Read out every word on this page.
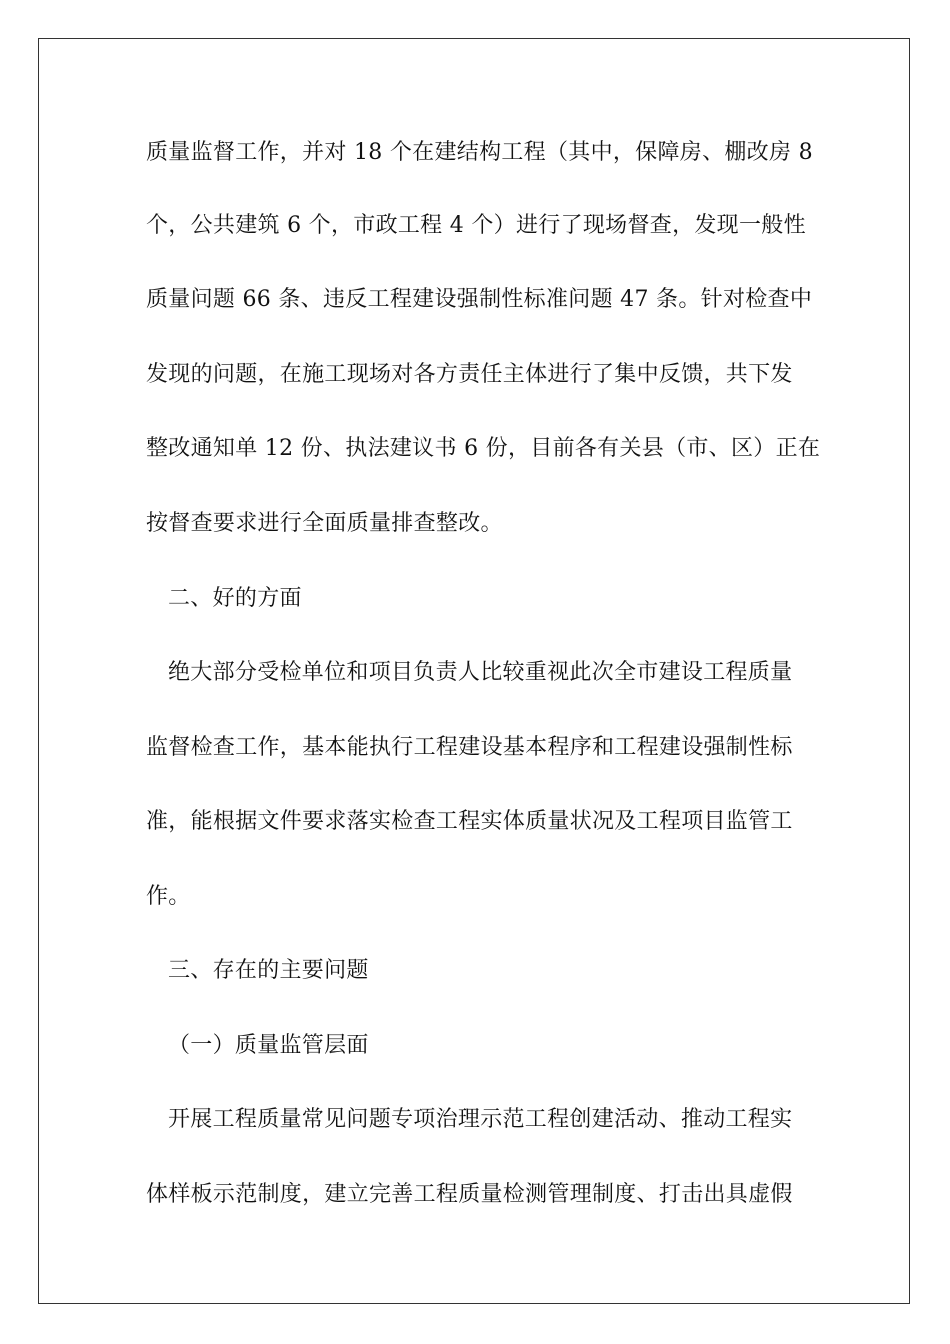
质量监督工作，并对 18 个在建结构工程（其中，保障房、棚改房 8
个，公共建筑 6 个，市政工程 4 个）进行了现场督查，发现一般性
质量问题 66 条、违反工程建设强制性标准问题 47 条。针对检查中
发现的问题，在施工现场对各方责任主体进行了集中反馈，共下发
整改通知单 12 份、执法建议书 6 份，目前各有关县（市、区）正在
按督查要求进行全面质量排查整改。
二、好的方面
绝大部分受检单位和项目负责人比较重视此次全市建设工程质量
监督检查工作，基本能执行工程建设基本程序和工程建设强制性标
准，能根据文件要求落实检查工程实体质量状况及工程项目监管工
作。
三、存在的主要问题
（一）质量监管层面
开展工程质量常见问题专项治理示范工程创建活动、推动工程实
体样板示范制度，建立完善工程质量检测管理制度、打击出具虚假
